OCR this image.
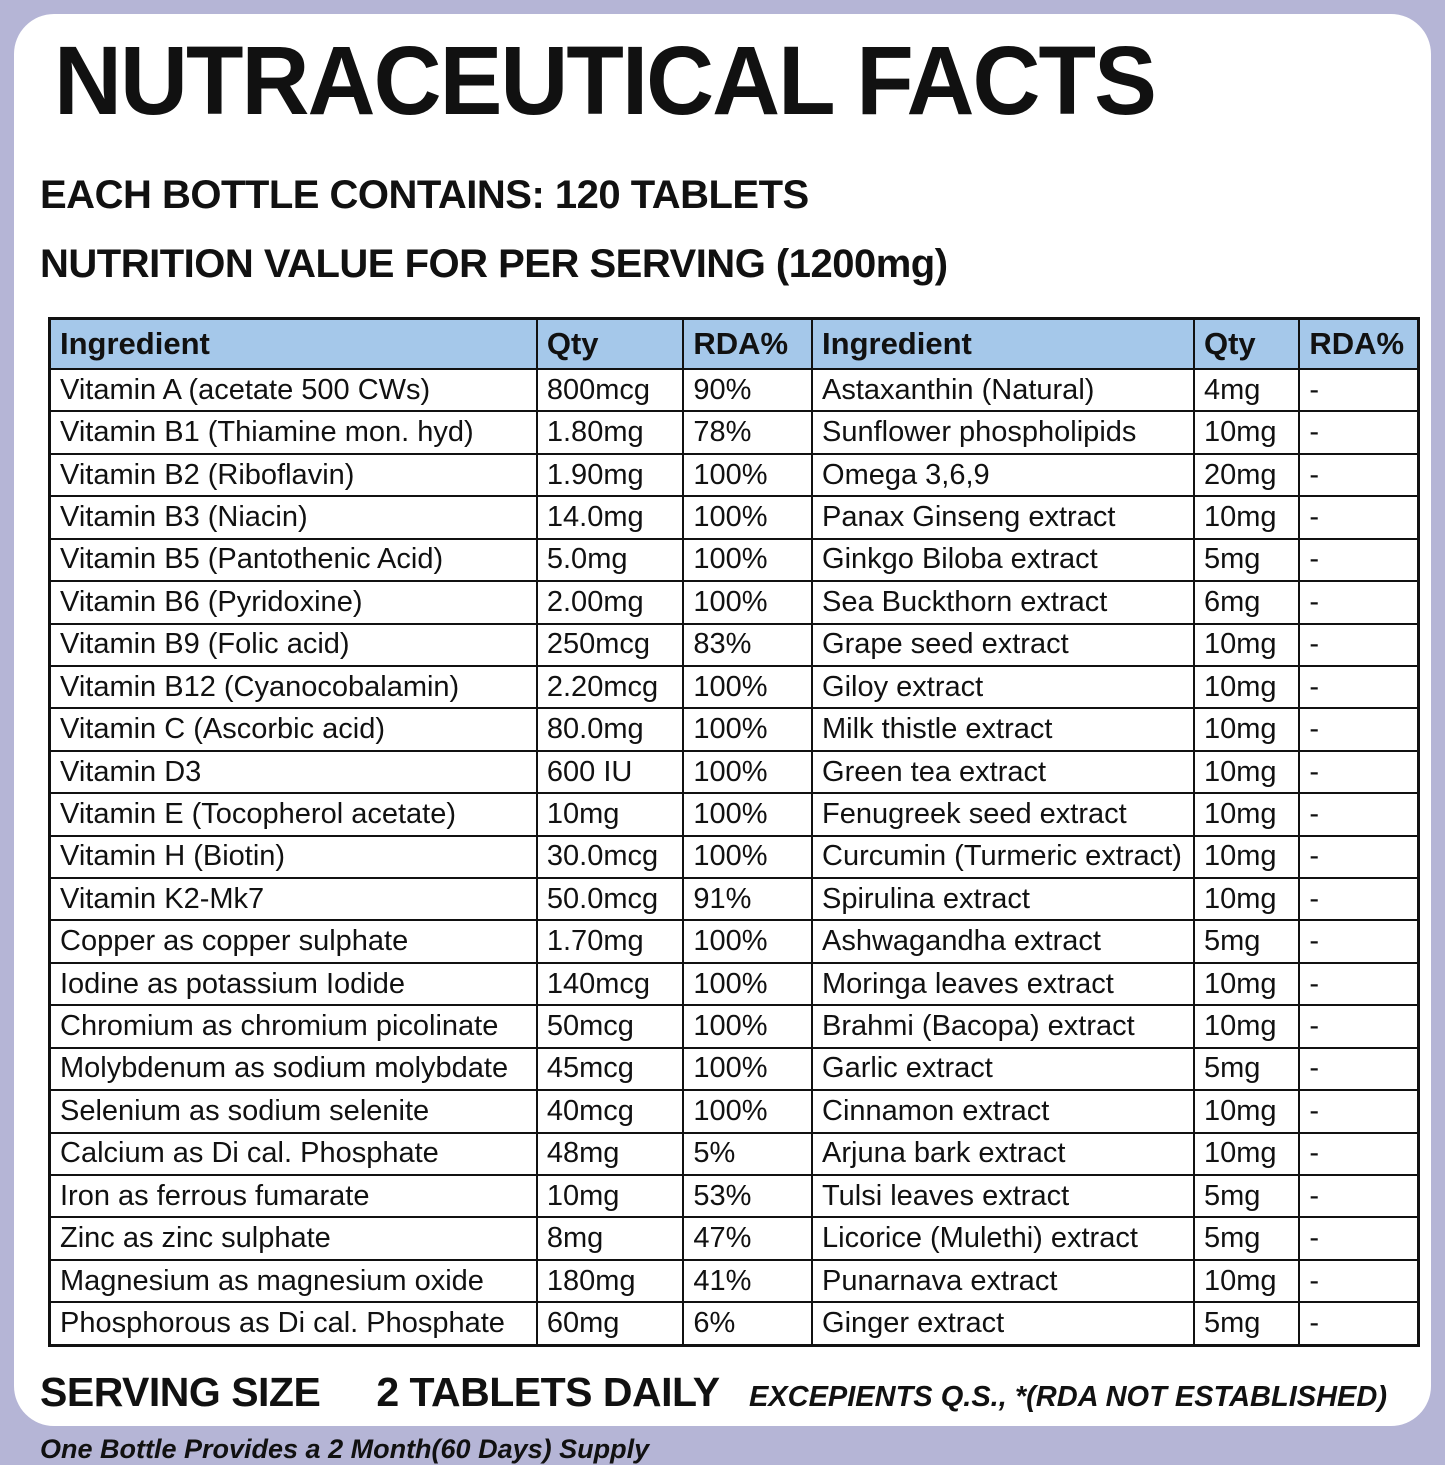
NUTRACEUTICAL FACTS
EACH BOTTLE CONTAINS: 120 TABLETS
NUTRITION VALUE FOR PER SERVING (1200mg)
Ingredient	Qty	RDA%	Ingredient	Qty	RDA%
Vitamin A (acetate 500 CWs)	800mcg	90%	Astaxanthin (Natural)	4mg	-
Vitamin B1 (Thiamine mon. hyd)	1.80mg	78%	Sunflower phospholipids	10mg	-
Vitamin B2 (Riboflavin)	1.90mg	100%	Omega 3,6,9	20mg	-
Vitamin B3 (Niacin)	14.0mg	100%	Panax Ginseng extract	10mg	-
Vitamin B5 (Pantothenic Acid)	5.0mg	100%	Ginkgo Biloba extract	5mg	-
Vitamin B6 (Pyridoxine)	2.00mg	100%	Sea Buckthorn extract	6mg	-
Vitamin B9 (Folic acid)	250mcg	83%	Grape seed extract	10mg	-
Vitamin B12 (Cyanocobalamin)	2.20mcg	100%	Giloy extract	10mg	-
Vitamin C (Ascorbic acid)	80.0mg	100%	Milk thistle extract	10mg	-
Vitamin D3	600 IU	100%	Green tea extract	10mg	-
Vitamin E (Tocopherol acetate)	10mg	100%	Fenugreek seed extract	10mg	-
Vitamin H (Biotin)	30.0mcg	100%	Curcumin (Turmeric extract)	10mg	-
Vitamin K2-Mk7	50.0mcg	91%	Spirulina extract	10mg	-
Copper as copper sulphate	1.70mg	100%	Ashwagandha extract	5mg	-
Iodine as potassium Iodide	140mcg	100%	Moringa leaves extract	10mg	-
Chromium as chromium picolinate	50mcg	100%	Brahmi (Bacopa) extract	10mg	-
Molybdenum as sodium molybdate	45mcg	100%	Garlic extract	5mg	-
Selenium as sodium selenite	40mcg	100%	Cinnamon extract	10mg	-
Calcium as Di cal. Phosphate	48mg	5%	Arjuna bark extract	10mg	-
Iron as ferrous fumarate	10mg	53%	Tulsi leaves extract	5mg	-
Zinc as zinc sulphate	8mg	47%	Licorice (Mulethi) extract	5mg	-
Magnesium as magnesium oxide	180mg	41%	Punarnava extract	10mg	-
Phosphorous as Di cal. Phosphate	60mg	6%	Ginger extract	5mg	-
SERVING SIZE 2 TABLETS DAILY EXCEPIENTS Q.S., *(RDA NOT ESTABLISHED)
One Bottle Provides a 2 Month(60 Days) Supply
